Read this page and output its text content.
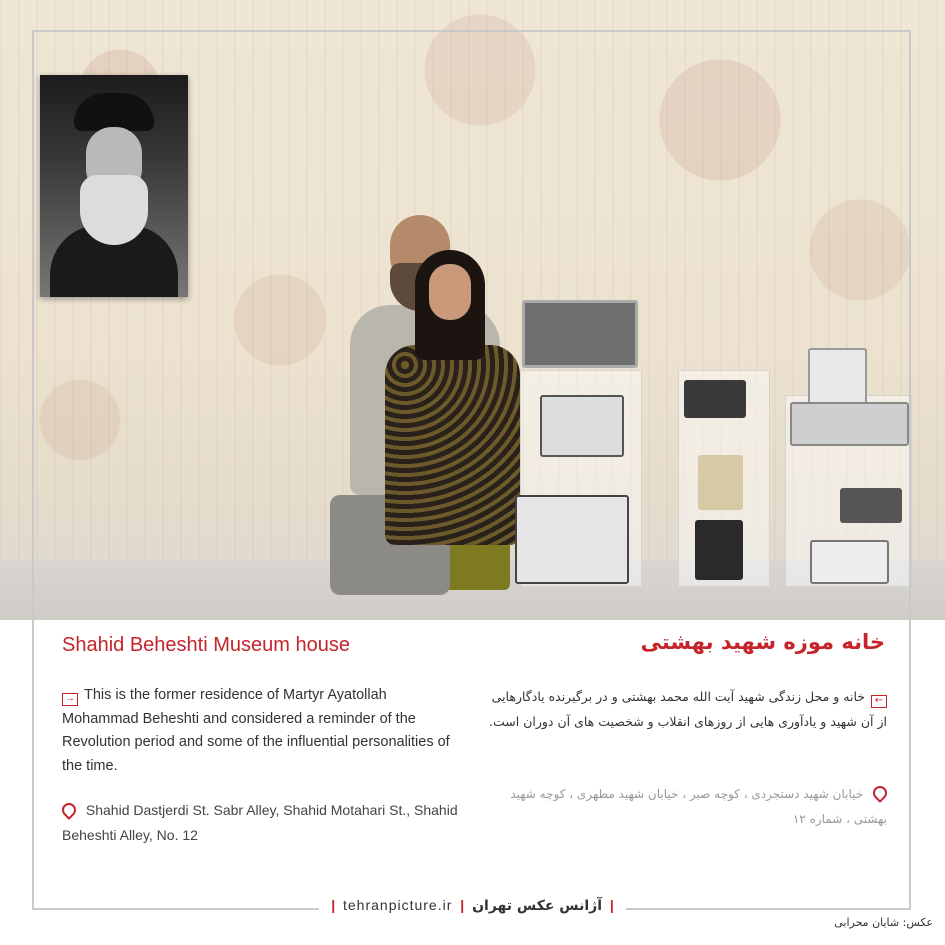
Shahid Beheshti Museum house
→ This is the former residence of Martyr Ayatollah Mohammad Beheshti and considered a reminder of the Revolution period and some of the influential personalities of the time.
Shahid Dastjerdi St. Sabr Alley, Shahid Motahari St., Shahid Beheshti Alley, No. 12
خانه موزه شهید بهشتی
←خانه و محل زندگی شهید آیت الله محمد بهشتی و در برگیرنده یادگارهایی از آن شهید و یادآوری هایی از روزهای انقلاب و شخصیت های آن دوران است.
خیابان شهید دستجردی ، کوچه صبر ، خیابان شهید مطهری ، کوچه شهید بهشتی ، شماره ۱۲
| tehranpicture.ir | آژانس عکس تهران |
عکس: شایان محرابی
